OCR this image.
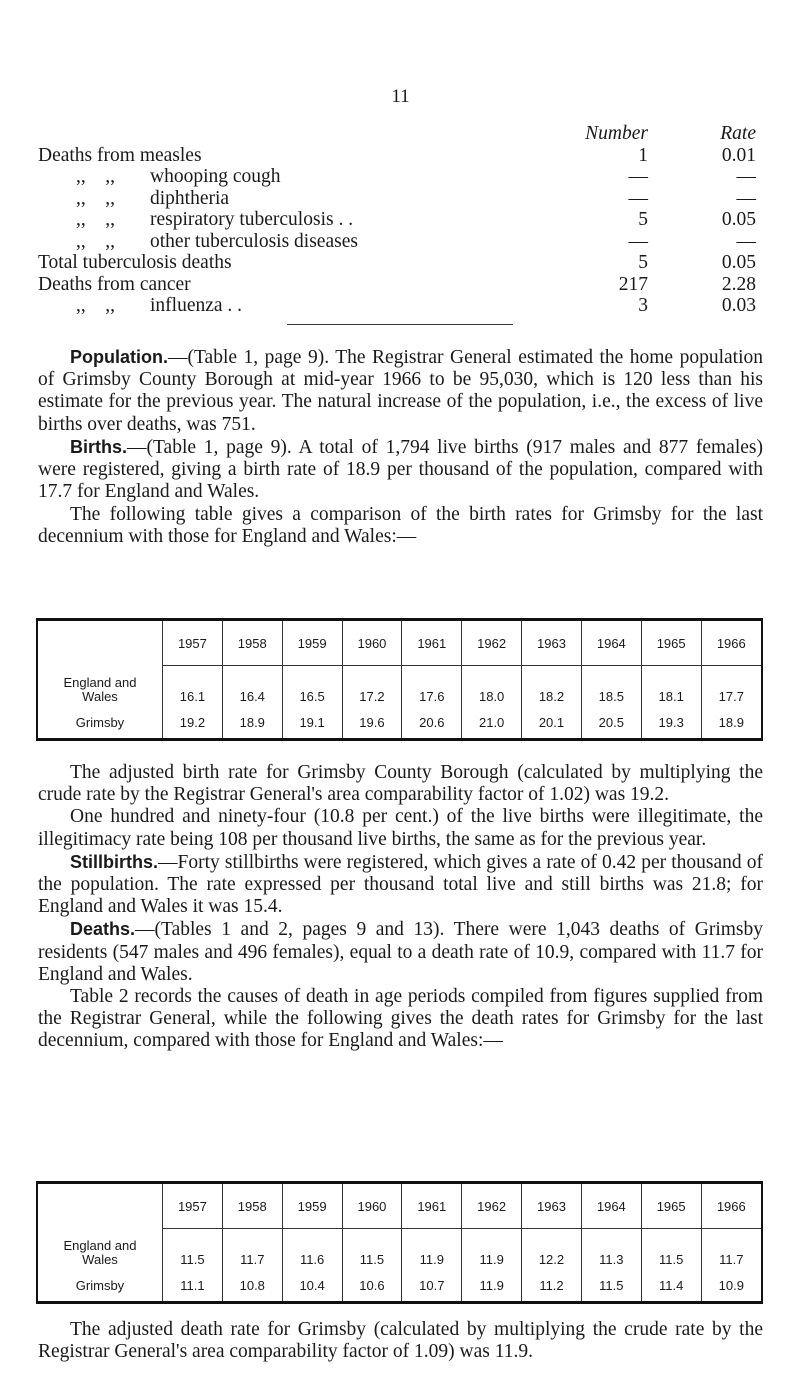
11
Number	Rate
Deaths from measles	1	0.01
,,    ,, whooping cough	—	—
,,    ,, diphtheria	—	—
,,    ,, respiratory tuberculosis . .	5	0.05
,,    ,, other tuberculosis diseases	—	—
Total tuberculosis deaths	5	0.05
Deaths from cancer	217	2.28
,,    ,, influenza . .	3	0.03

Population.—(Table 1, page 9). The Registrar General estimated the home population of Grimsby County Borough at mid-year 1966 to be 95,030, which is 120 less than his estimate for the previous year. The natural increase of the population, i.e., the excess of live births over deaths, was 751.

Births.—(Table 1, page 9). A total of 1,794 live births (917 males and 877 females) were registered, giving a birth rate of 18.9 per thousand of the population, compared with 17.7 for England and Wales.

The following table gives a comparison of the birth rates for Grimsby for the last decennium with those for England and Wales:—

	1957	1958	1959	1960	1961	1962	1963	1964	1965	1966
England and Wales	16.1	16.4	16.5	17.2	17.6	18.0	18.2	18.5	18.1	17.7
Grimsby	19.2	18.9	19.1	19.6	20.6	21.0	20.1	20.5	19.3	18.9

The adjusted birth rate for Grimsby County Borough (calculated by multiplying the crude rate by the Registrar General's area comparability factor of 1.02) was 19.2.

One hundred and ninety-four (10.8 per cent.) of the live births were illegitimate, the illegitimacy rate being 108 per thousand live births, the same as for the previous year.

Stillbirths.—Forty stillbirths were registered, which gives a rate of 0.42 per thousand of the population. The rate expressed per thousand total live and still births was 21.8; for England and Wales it was 15.4.

Deaths.—(Tables 1 and 2, pages 9 and 13). There were 1,043 deaths of Grimsby residents (547 males and 496 females), equal to a death rate of 10.9, compared with 11.7 for England and Wales.

Table 2 records the causes of death in age periods compiled from figures supplied from the Registrar General, while the following gives the death rates for Grimsby for the last decennium, compared with those for England and Wales:—

	1957	1958	1959	1960	1961	1962	1963	1964	1965	1966
England and Wales	11.5	11.7	11.6	11.5	11.9	11.9	12.2	11.3	11.5	11.7
Grimsby	11.1	10.8	10.4	10.6	10.7	11.9	11.2	11.5	11.4	10.9

The adjusted death rate for Grimsby (calculated by multiplying the crude rate by the Registrar General's area comparability factor of 1.09) was 11.9.
